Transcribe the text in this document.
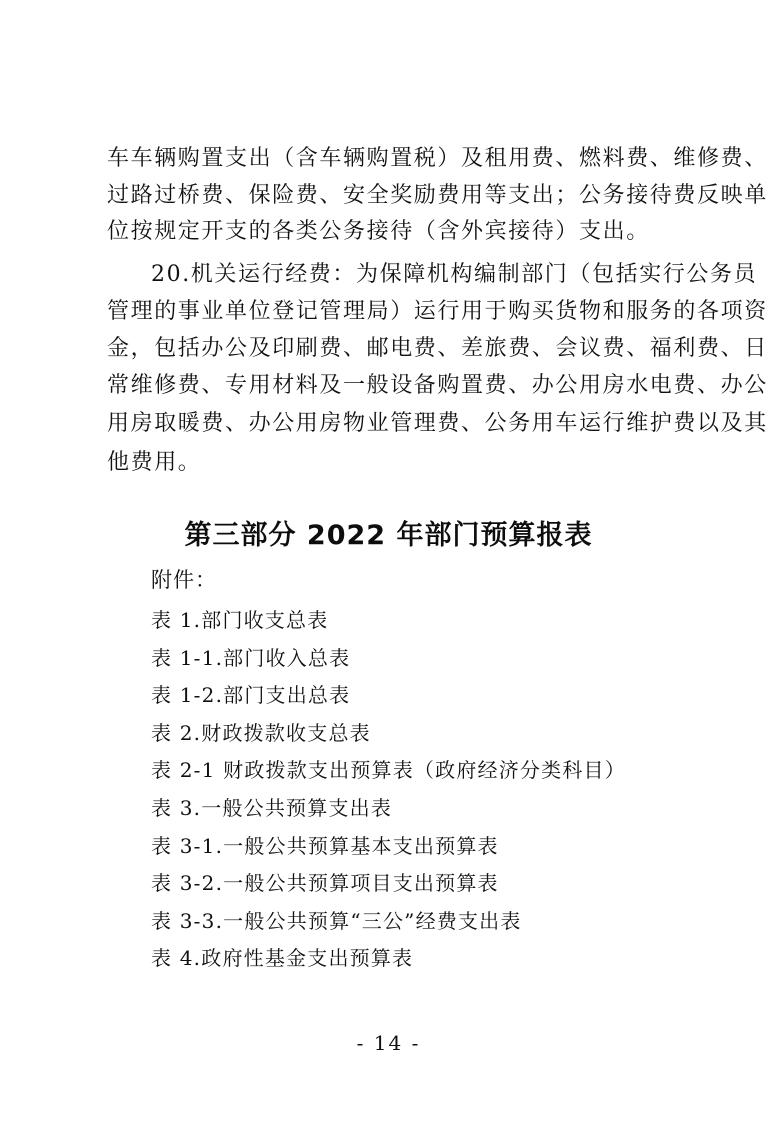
车车辆购置支出（含车辆购置税）及租用费、燃料费、维修费、
过路过桥费、保险费、安全奖励费用等支出；公务接待费反映单
位按规定开支的各类公务接待（含外宾接待）支出。
20.机关运行经费：为保障机构编制部门（包括实行公务员
管理的事业单位登记管理局）运行用于购买货物和服务的各项资
金，包括办公及印刷费、邮电费、差旅费、会议费、福利费、日
常维修费、专用材料及一般设备购置费、办公用房水电费、办公
用房取暖费、办公用房物业管理费、公务用车运行维护费以及其
他费用。
第三部分 2022 年部门预算报表
附件：
表 1.部门收支总表
表 1-1.部门收入总表
表 1-2.部门支出总表
表 2.财政拨款收支总表
表 2-1 财政拨款支出预算表（政府经济分类科目）
表 3.一般公共预算支出表
表 3-1.一般公共预算基本支出预算表
表 3-2.一般公共预算项目支出预算表
表 3-3.一般公共预算“三公”经费支出表
表 4.政府性基金支出预算表
- 14 -
